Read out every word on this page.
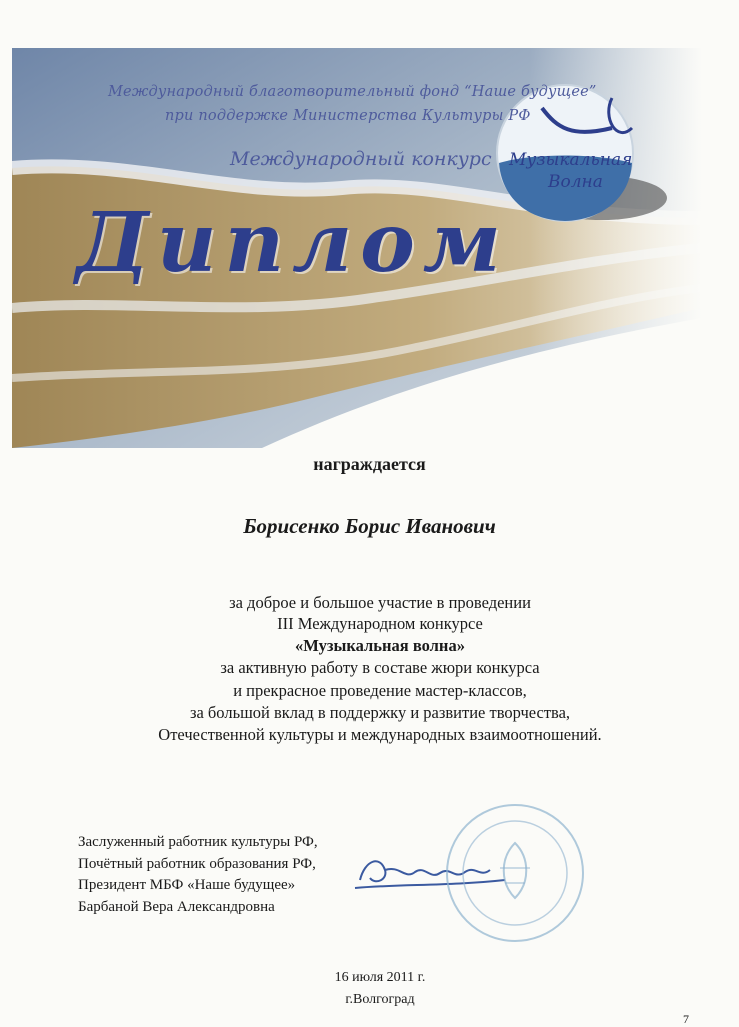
Международный благотворительный фонд “Наше будущее”
при поддержке Министерства Культуры РФ
Международный конкурс Музыкальная
Волна
Диплом
награждается
Борисенко Борис Иванович
за доброе и большое участие в проведении
III Международном конкурсе
«Музыкальная волна»
за активную работу в составе жюри конкурса
и прекрасное проведение мастер-классов,
за большой вклад в поддержку и развитие творчества,
Отечественной культуры и международных взаимоотношений.
Заслуженный работник культуры РФ,
Почётный работник образования РФ,
Президент МБФ «Наше будущее»
Барбаной Вера Александровна
16 июля 2011 г.
г.Волгоград
7
